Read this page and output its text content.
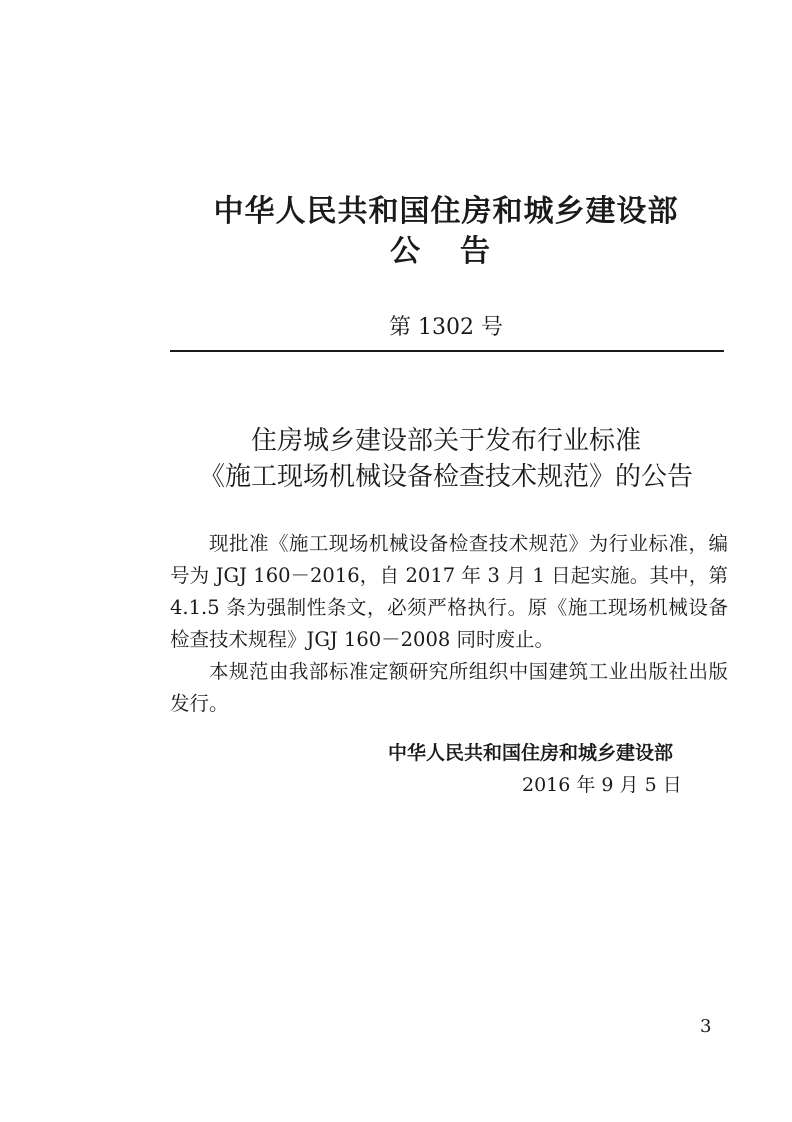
中华人民共和国住房和城乡建设部
公告
第 1302 号
住房城乡建设部关于发布行业标准
《施工现场机械设备检查技术规范》的公告

现批准《施工现场机械设备检查技术规范》为行业标准，编号为 JGJ 160－2016，自 2017 年 3 月 1 日起实施。其中，第 4.1.5 条为强制性条文，必须严格执行。原《施工现场机械设备检查技术规程》JGJ 160－2008 同时废止。

本规范由我部标准定额研究所组织中国建筑工业出版社出版发行。

中华人民共和国住房和城乡建设部
2016 年 9 月 5 日
3
